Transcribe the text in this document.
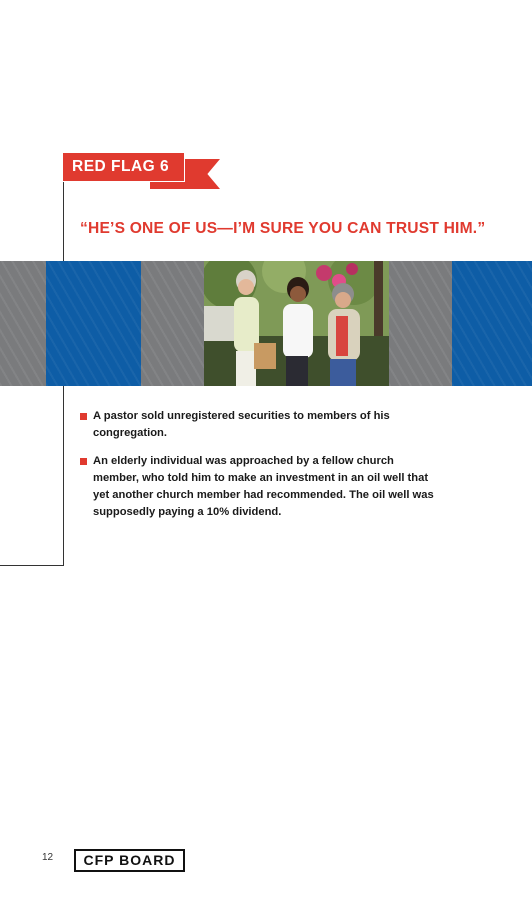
RED FLAG 6
“HE’S ONE OF US—I’M SURE YOU CAN TRUST HIM.”
A pastor sold unregistered securities to members of his congregation.
An elderly individual was approached by a fellow church member, who told him to make an investment in an oil well that yet another church member had recommended. The oil well was supposedly paying a 10% dividend.
12	CFP BOARD
